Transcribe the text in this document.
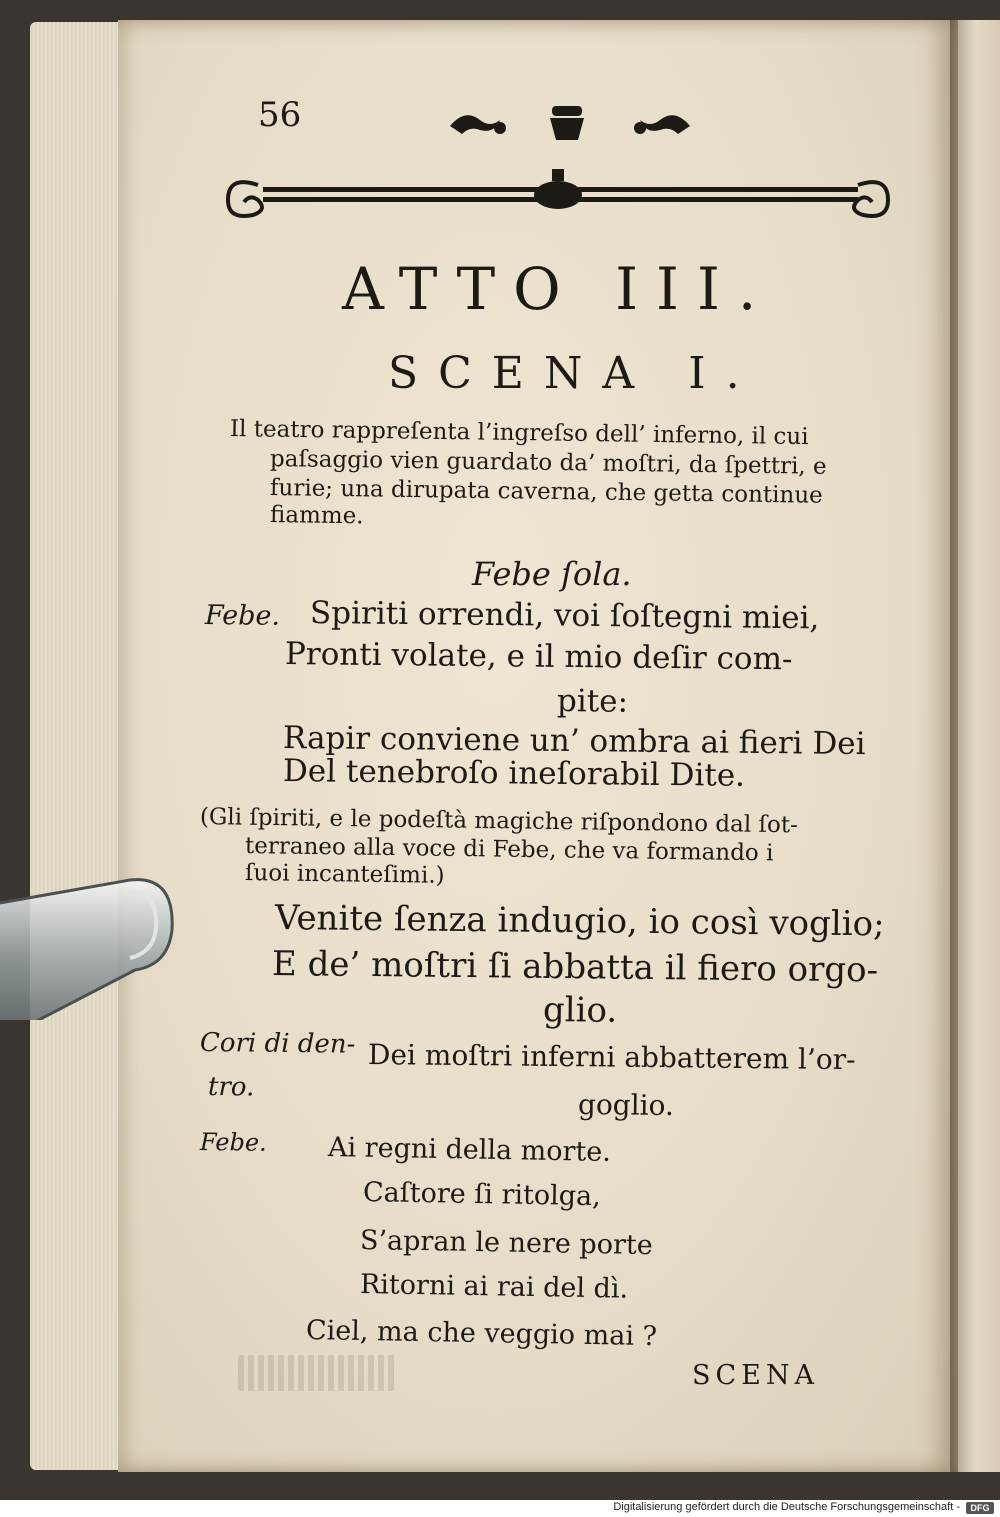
56
ATTO III.
SCENA I.
Il teatro rappreſenta l’ingreſso dell’ inferno, il cui
paſsaggio vien guardato da’ moſtri, da ſpettri, e
furie; una dirupata caverna, che getta continue
fiamme.
Febe ſola.
Febe. Spiriti orrendi, voi ſoſtegni miei,
Pronti volate, e il mio deſir com-
pite:
Rapir conviene un’ ombra ai fieri Dei
Del tenebroſo ineſorabil Dite.
(Gli ſpiriti, e le podeſtà magiche riſpondono dal ſot-
terraneo alla voce di Febe, che va formando i
ſuoi incanteſimi.)
Venite ſenza indugio, io così voglio;
E de’ moſtri ſi abbatta il fiero orgo-
glio.
Cori di den-
tro.
Dei moſtri inferni abbatterem l’or-
goglio.
Febe. Ai regni della morte.
Caſtore ſi ritolga,
S’apran le nere porte
Ritorni ai rai del dì.
Ciel, ma che veggio mai ?
SCENA
Digitalisierung gefördert durch die Deutsche Forschungsgemeinschaft -	DFG
